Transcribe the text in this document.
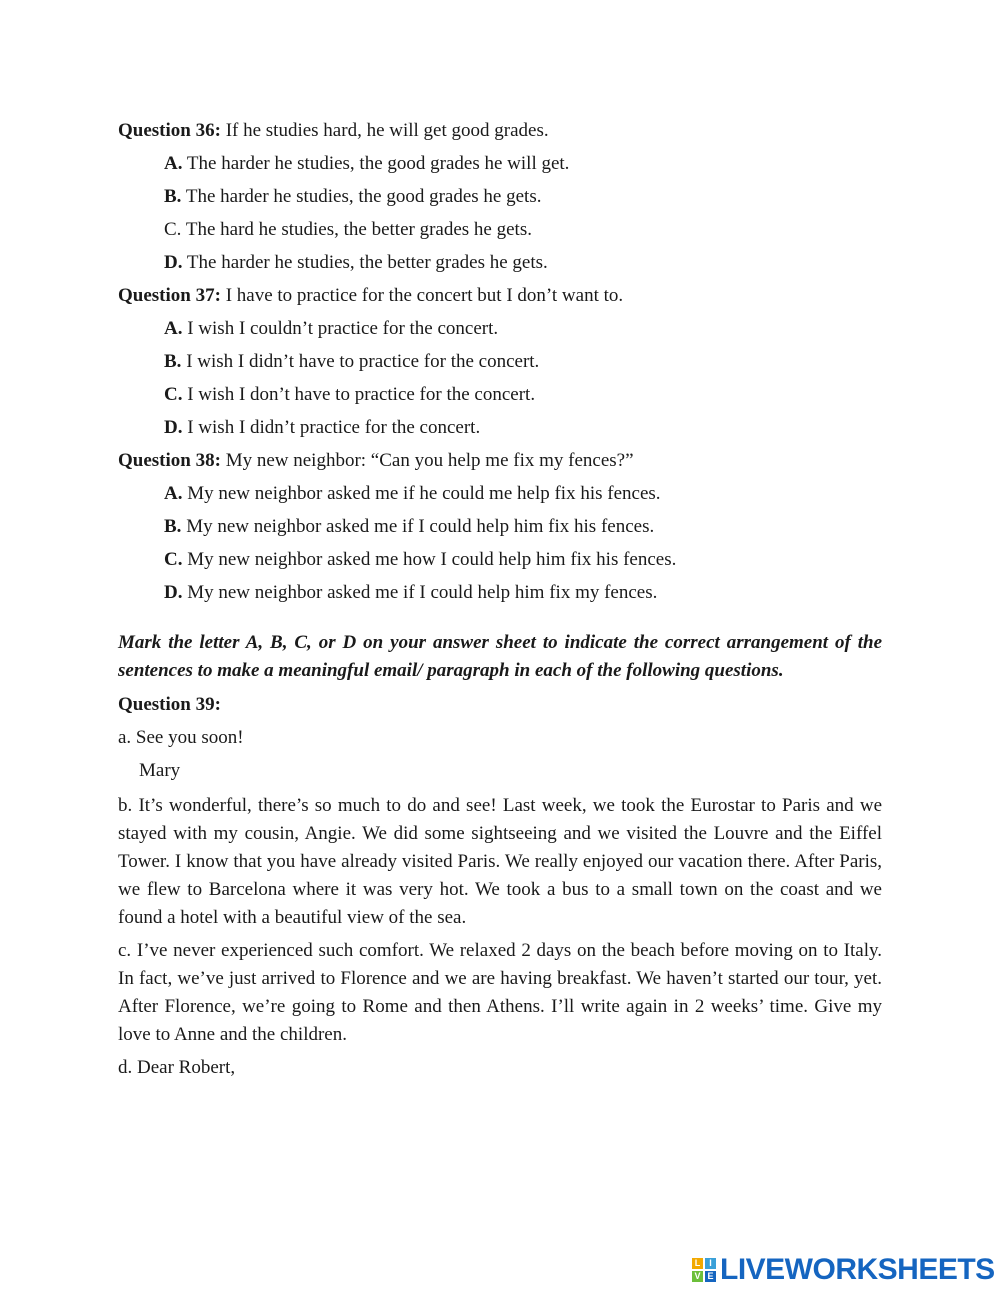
Question 36: If he studies hard, he will get good grades.
A. The harder he studies, the good grades he will get.
B. The harder he studies, the good grades he gets.
C. The hard he studies, the better grades he gets.
D. The harder he studies, the better grades he gets.
Question 37: I have to practice for the concert but I don’t want to.
A. I wish I couldn’t practice for the concert.
B. I wish I didn’t have to practice for the concert.
C. I wish I don’t have to practice for the concert.
D. I wish I didn’t practice for the concert.
Question 38: My new neighbor: “Can you help me fix my fences?”
A. My new neighbor asked me if he could me help fix his fences.
B. My new neighbor asked me if I could help him fix his fences.
C. My new neighbor asked me how I could help him fix his fences.
D. My new neighbor asked me if I could help him fix my fences.
Mark the letter A, B, C, or D on your answer sheet to indicate the correct arrangement of the sentences to make a meaningful email/ paragraph in each of the following questions.
Question 39:
a. See you soon!
Mary

b. It’s wonderful, there’s so much to do and see! Last week, we took the Eurostar to Paris and we stayed with my cousin, Angie. We did some sightseeing and we visited the Louvre and the Eiffel Tower. I know that you have already visited Paris. We really enjoyed our vacation there. After Paris, we flew to Barcelona where it was very hot. We took a bus to a small town on the coast and we found a hotel with a beautiful view of the sea.

c. I’ve never experienced such comfort. We relaxed 2 days on the beach before moving on to Italy. In fact, we’ve just arrived to Florence and we are having breakfast. We haven’t started our tour, yet. After Florence, we’re going to Rome and then Athens. I’ll write again in 2 weeks’ time. Give my love to Anne and the children.

d. Dear Robert,

L I
V E LIVEWORKSHEETS
